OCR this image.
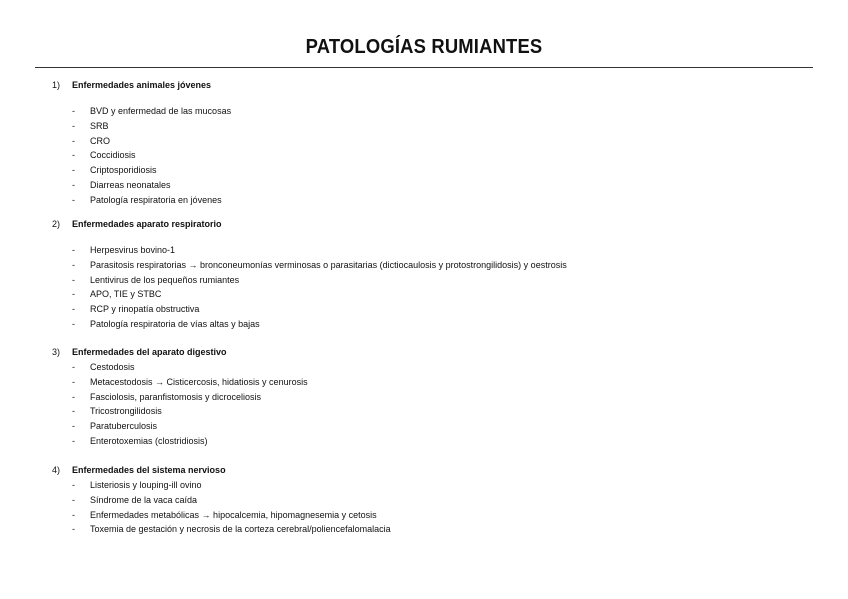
PATOLOGÍAS RUMIANTES
1) Enfermedades animales jóvenes
- BVD y enfermedad de las mucosas
- SRB
- CRO
- Coccidiosis
- Criptosporidiosis
- Diarreas neonatales
- Patología respiratoria en jóvenes
2) Enfermedades aparato respiratorio
- Herpesvirus bovino-1
- Parasitosis respiratorias → bronconeumonías verminosas o parasitarias (dictiocaulosis y protostrongilidosis) y oestrosis
- Lentivirus de los pequeños rumiantes
- APO, TIE y STBC
- RCP y rinopatía obstructiva
- Patología respiratoria de vías altas y bajas
3) Enfermedades del aparato digestivo
- Cestodosis
- Metacestodosis → Cisticercosis, hidatiosis y cenurosis
- Fasciolosis, paranfistomosis y dicroceliosis
- Tricostrongilidosis
- Paratuberculosis
- Enterotoxemias (clostridiosis)
4) Enfermedades del sistema nervioso
- Listeriosis y louping-ill ovino
- Síndrome de la vaca caída
- Enfermedades metabólicas → hipocalcemia, hipomagnesemia y cetosis
- Toxemia de gestación y necrosis de la corteza cerebral/poliencefalomalacia
